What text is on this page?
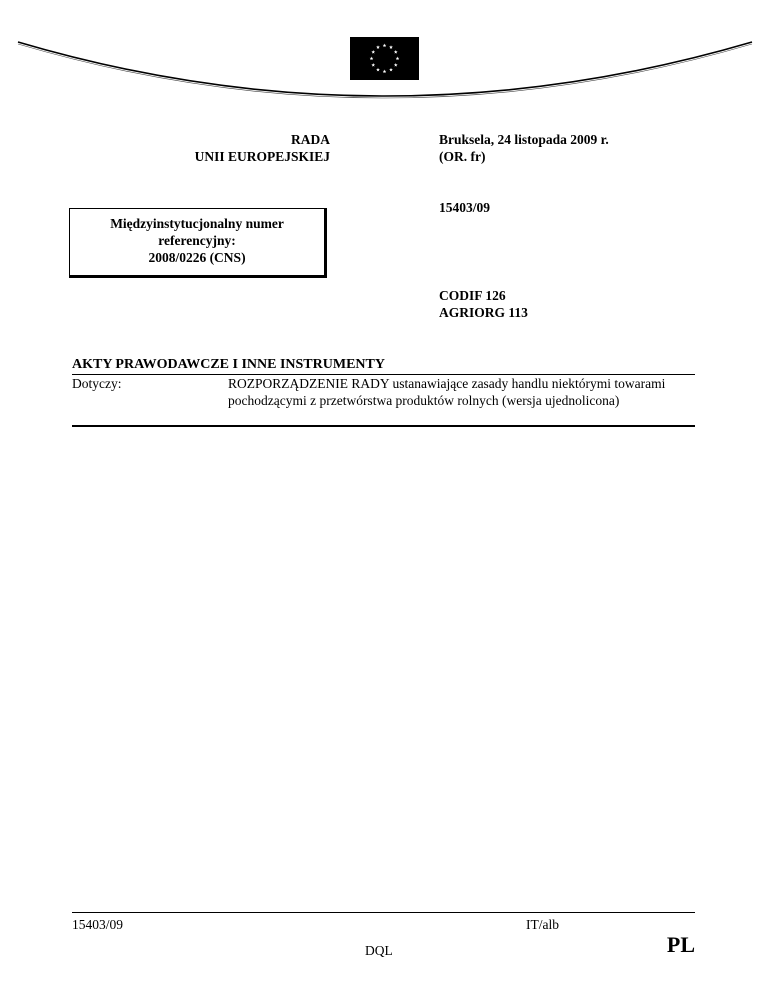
RADA
UNII EUROPEJSKIEJ
Bruksela, 24 listopada 2009 r.
(OR. fr)
15403/09
Międzyinstytucjonalny numer
referencyjny:
2008/0226 (CNS)
CODIF 126
AGRIORG 113
AKTY PRAWODAWCZE I INNE INSTRUMENTY
Dotyczy:	ROZPORZĄDZENIE RADY ustanawiające zasady handlu niektórymi towarami pochodzącymi z przetwórstwa produktów rolnych (wersja ujednolicona)
15403/09	IT/alb
DQL	PL
